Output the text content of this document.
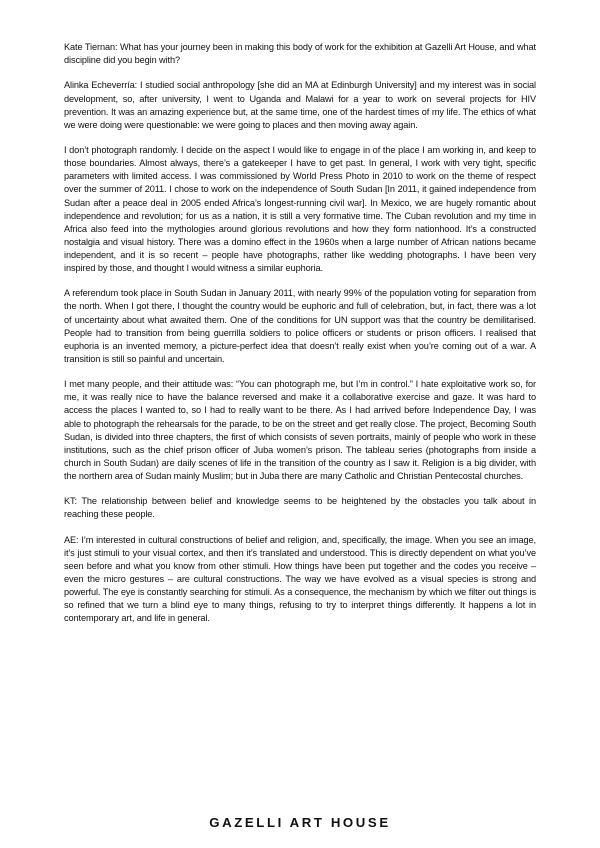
Kate Tiernan: What has your journey been in making this body of work for the exhibition at Gazelli Art House, and what discipline did you begin with?

Alinka Echeverría: I studied social anthropology [she did an MA at Edinburgh University] and my interest was in social development, so, after university, I went to Uganda and Malawi for a year to work on several projects for HIV prevention. It was an amazing experience but, at the same time, one of the hardest times of my life. The ethics of what we were doing were questionable: we were going to places and then moving away again.

I don’t photograph randomly. I decide on the aspect I would like to engage in of the place I am working in, and keep to those boundaries. Almost always, there’s a gatekeeper I have to get past. In general, I work with very tight, specific parameters with limited access. I was commissioned by World Press Photo in 2010 to work on the theme of respect over the summer of 2011. I chose to work on the independence of South Sudan [In 2011, it gained independence from Sudan after a peace deal in 2005 ended Africa’s longest-running civil war]. In Mexico, we are hugely romantic about independence and revolution; for us as a nation, it is still a very formative time. The Cuban revolution and my time in Africa also feed into the mythologies around glorious revolutions and how they form nationhood. It’s a constructed nostalgia and visual history. There was a domino effect in the 1960s when a large number of African nations became independent, and it is so recent – people have photographs, rather like wedding photographs. I have been very inspired by those, and thought I would witness a similar euphoria.

A referendum took place in South Sudan in January 2011, with nearly 99% of the population voting for separation from the north. When I got there, I thought the country would be euphoric and full of celebration, but, in fact, there was a lot of uncertainty about what awaited them. One of the conditions for UN support was that the country be demilitarised. People had to transition from being guerrilla soldiers to police officers or students or prison officers. I realised that euphoria is an invented memory, a picture-perfect idea that doesn’t really exist when you’re coming out of a war. A transition is still so painful and uncertain.

I met many people, and their attitude was: “You can photograph me, but I’m in control.” I hate exploitative work so, for me, it was really nice to have the balance reversed and make it a collaborative exercise and gaze. It was hard to access the places I wanted to, so I had to really want to be there. As I had arrived before Independence Day, I was able to photograph the rehearsals for the parade, to be on the street and get really close. The project, Becoming South Sudan, is divided into three chapters, the first of which consists of seven portraits, mainly of people who work in these institutions, such as the chief prison officer of Juba women’s prison. The tableau series (photographs from inside a church in South Sudan) are daily scenes of life in the transition of the country as I saw it. Religion is a big divider, with the northern area of Sudan mainly Muslim; but in Juba there are many Catholic and Christian Pentecostal churches.

KT: The relationship between belief and knowledge seems to be heightened by the obstacles you talk about in reaching these people.

AE: I’m interested in cultural constructions of belief and religion, and, specifically, the image. When you see an image, it’s just stimuli to your visual cortex, and then it’s translated and understood. This is directly dependent on what you’ve seen before and what you know from other stimuli. How things have been put together and the codes you receive – even the micro gestures – are cultural constructions. The way we have evolved as a visual species is strong and powerful. The eye is constantly searching for stimuli. As a consequence, the mechanism by which we filter out things is so refined that we turn a blind eye to many things, refusing to try to interpret things differently. It happens a lot in contemporary art, and life in general.

GAZELLI ART HOUSE
